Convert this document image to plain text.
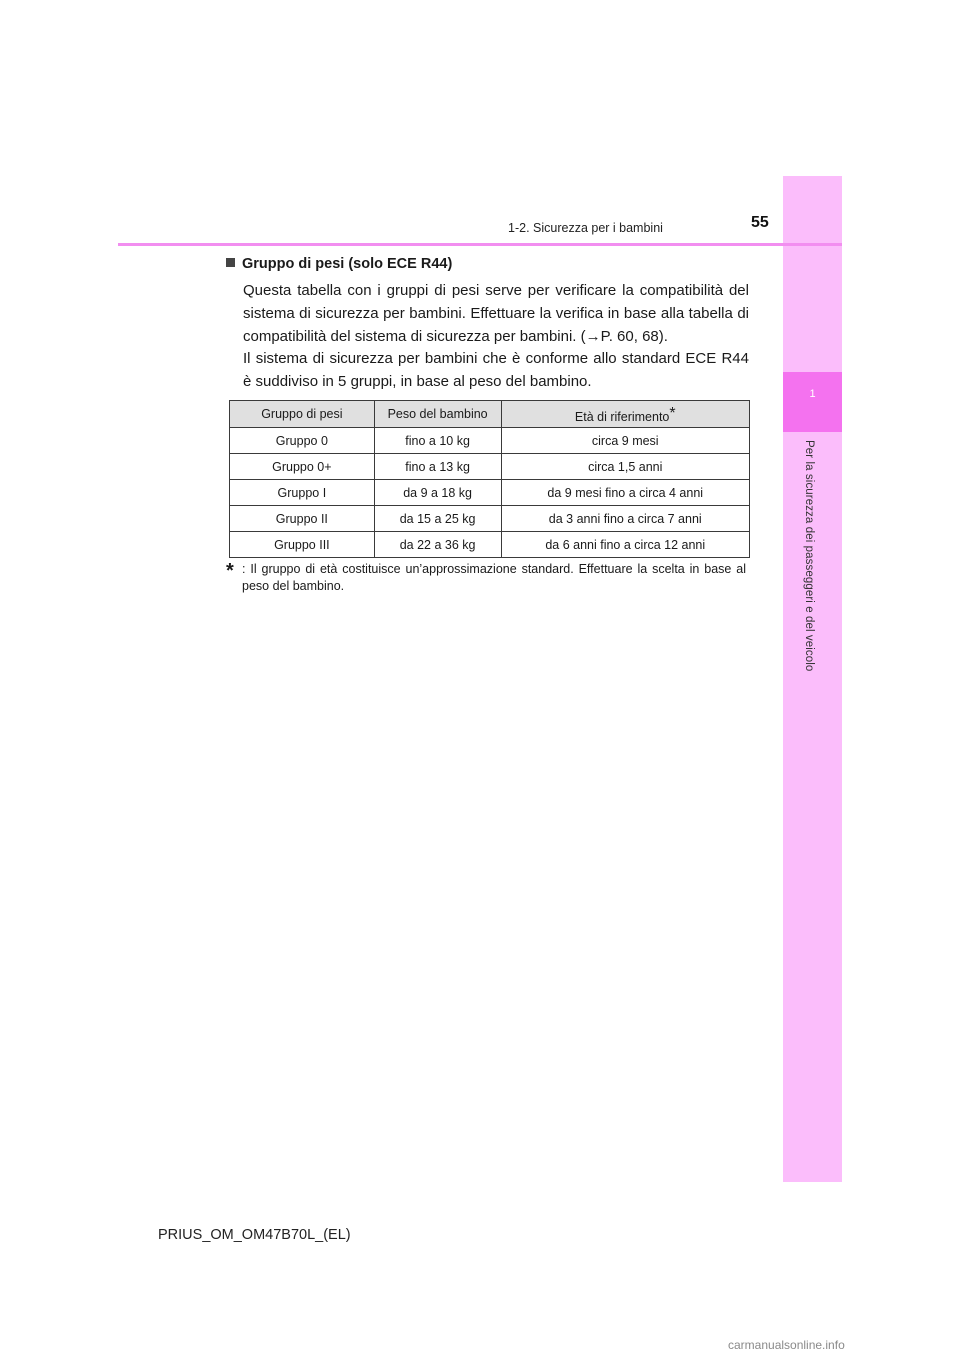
1
Per la sicurezza dei passeggeri e del veicolo
1-2. Sicurezza per i bambini	55
Gruppo di pesi (solo ECE R44)
Questa tabella con i gruppi di pesi serve per verificare la compatibilità del sistema di sicurezza per bambini. Effettuare la verifica in base alla tabella di compatibilità del sistema di sicurezza per bambini. (→P. 60, 68).
Il sistema di sicurezza per bambini che è conforme allo standard ECE R44 è suddiviso in 5 gruppi, in base al peso del bambino.
Gruppo di pesi	Peso del bambino	Età di riferimento*
Gruppo 0	fino a 10 kg	circa 9 mesi
Gruppo 0+	fino a 13 kg	circa 1,5 anni
Gruppo I	da 9 a 18 kg	da 9 mesi fino a circa 4 anni
Gruppo II	da 15 a 25 kg	da 3 anni fino a circa 7 anni
Gruppo III	da 22 a 36 kg	da 6 anni fino a circa 12 anni
* : Il gruppo di età costituisce un’approssimazione standard. Effettuare la scelta in base al peso del bambino.
PRIUS_OM_OM47B70L_(EL)
carmanualsonline.info
